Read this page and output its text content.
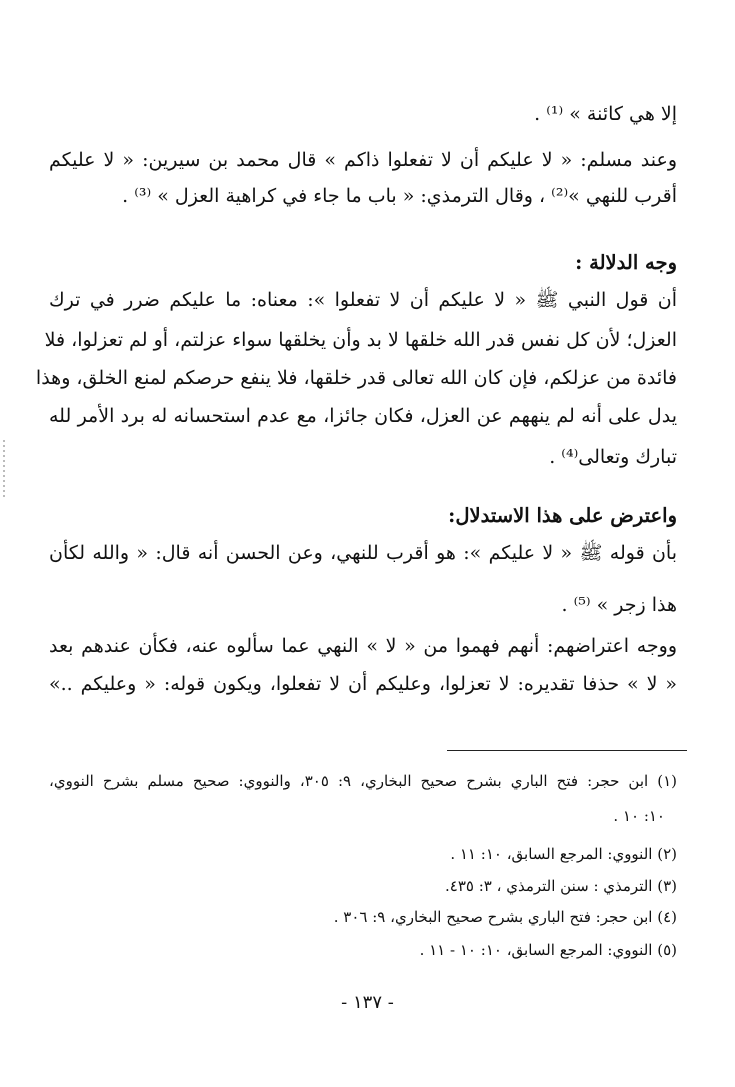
إلا هي كائنة » ⁽¹⁾ .
وعند مسلم: « لا عليكم أن لا تفعلوا ذاكم » قال محمد بن سيرين: « لا عليكم
أقرب للنهي »⁽²⁾ ، وقال الترمذي: « باب ما جاء في كراهية العزل » ⁽³⁾ .
وجه الدلالة :
أن قول النبي ﷺ « لا عليكم أن لا تفعلوا »: معناه: ما عليكم ضرر في ترك
العزل؛ لأن كل نفس قدر الله خلقها لا بد وأن يخلقها سواء عزلتم، أو لم تعزلوا، فلا
فائدة من عزلكم، فإن كان الله تعالى قدر خلقها، فلا ينفع حرصكم لمنع الخلق، وهذا
يدل على أنه لم ينههم عن العزل، فكان جائزا، مع عدم استحسانه له برد الأمر لله
تبارك وتعالى⁽⁴⁾ .
واعترض على هذا الاستدلال:
بأن قوله ﷺ « لا عليكم »: هو أقرب للنهي، وعن الحسن أنه قال: « والله لكأن
هذا زجر » ⁽⁵⁾ .
ووجه اعتراضهم: أنهم فهموا من « لا » النهي عما سألوه عنه، فكأن عندهم بعد
« لا » حذفا تقديره: لا تعزلوا، وعليكم أن لا تفعلوا، ويكون قوله: « وعليكم ..»
(١) ابن حجر: فتح الباري بشرح صحيح البخاري، ٩: ٣٠٥، والنووي: صحيح مسلم بشرح النووي،
١٠: ١٠ .
(٢) النووي: المرجع السابق، ١٠: ١١ .
(٣) الترمذي : سنن الترمذي ، ٣: ٤٣٥.
(٤) ابن حجر: فتح الباري بشرح صحيح البخاري، ٩: ٣٠٦ .
(٥) النووي: المرجع السابق، ١٠: ١٠ - ١١ .
- ١٣٧ -
